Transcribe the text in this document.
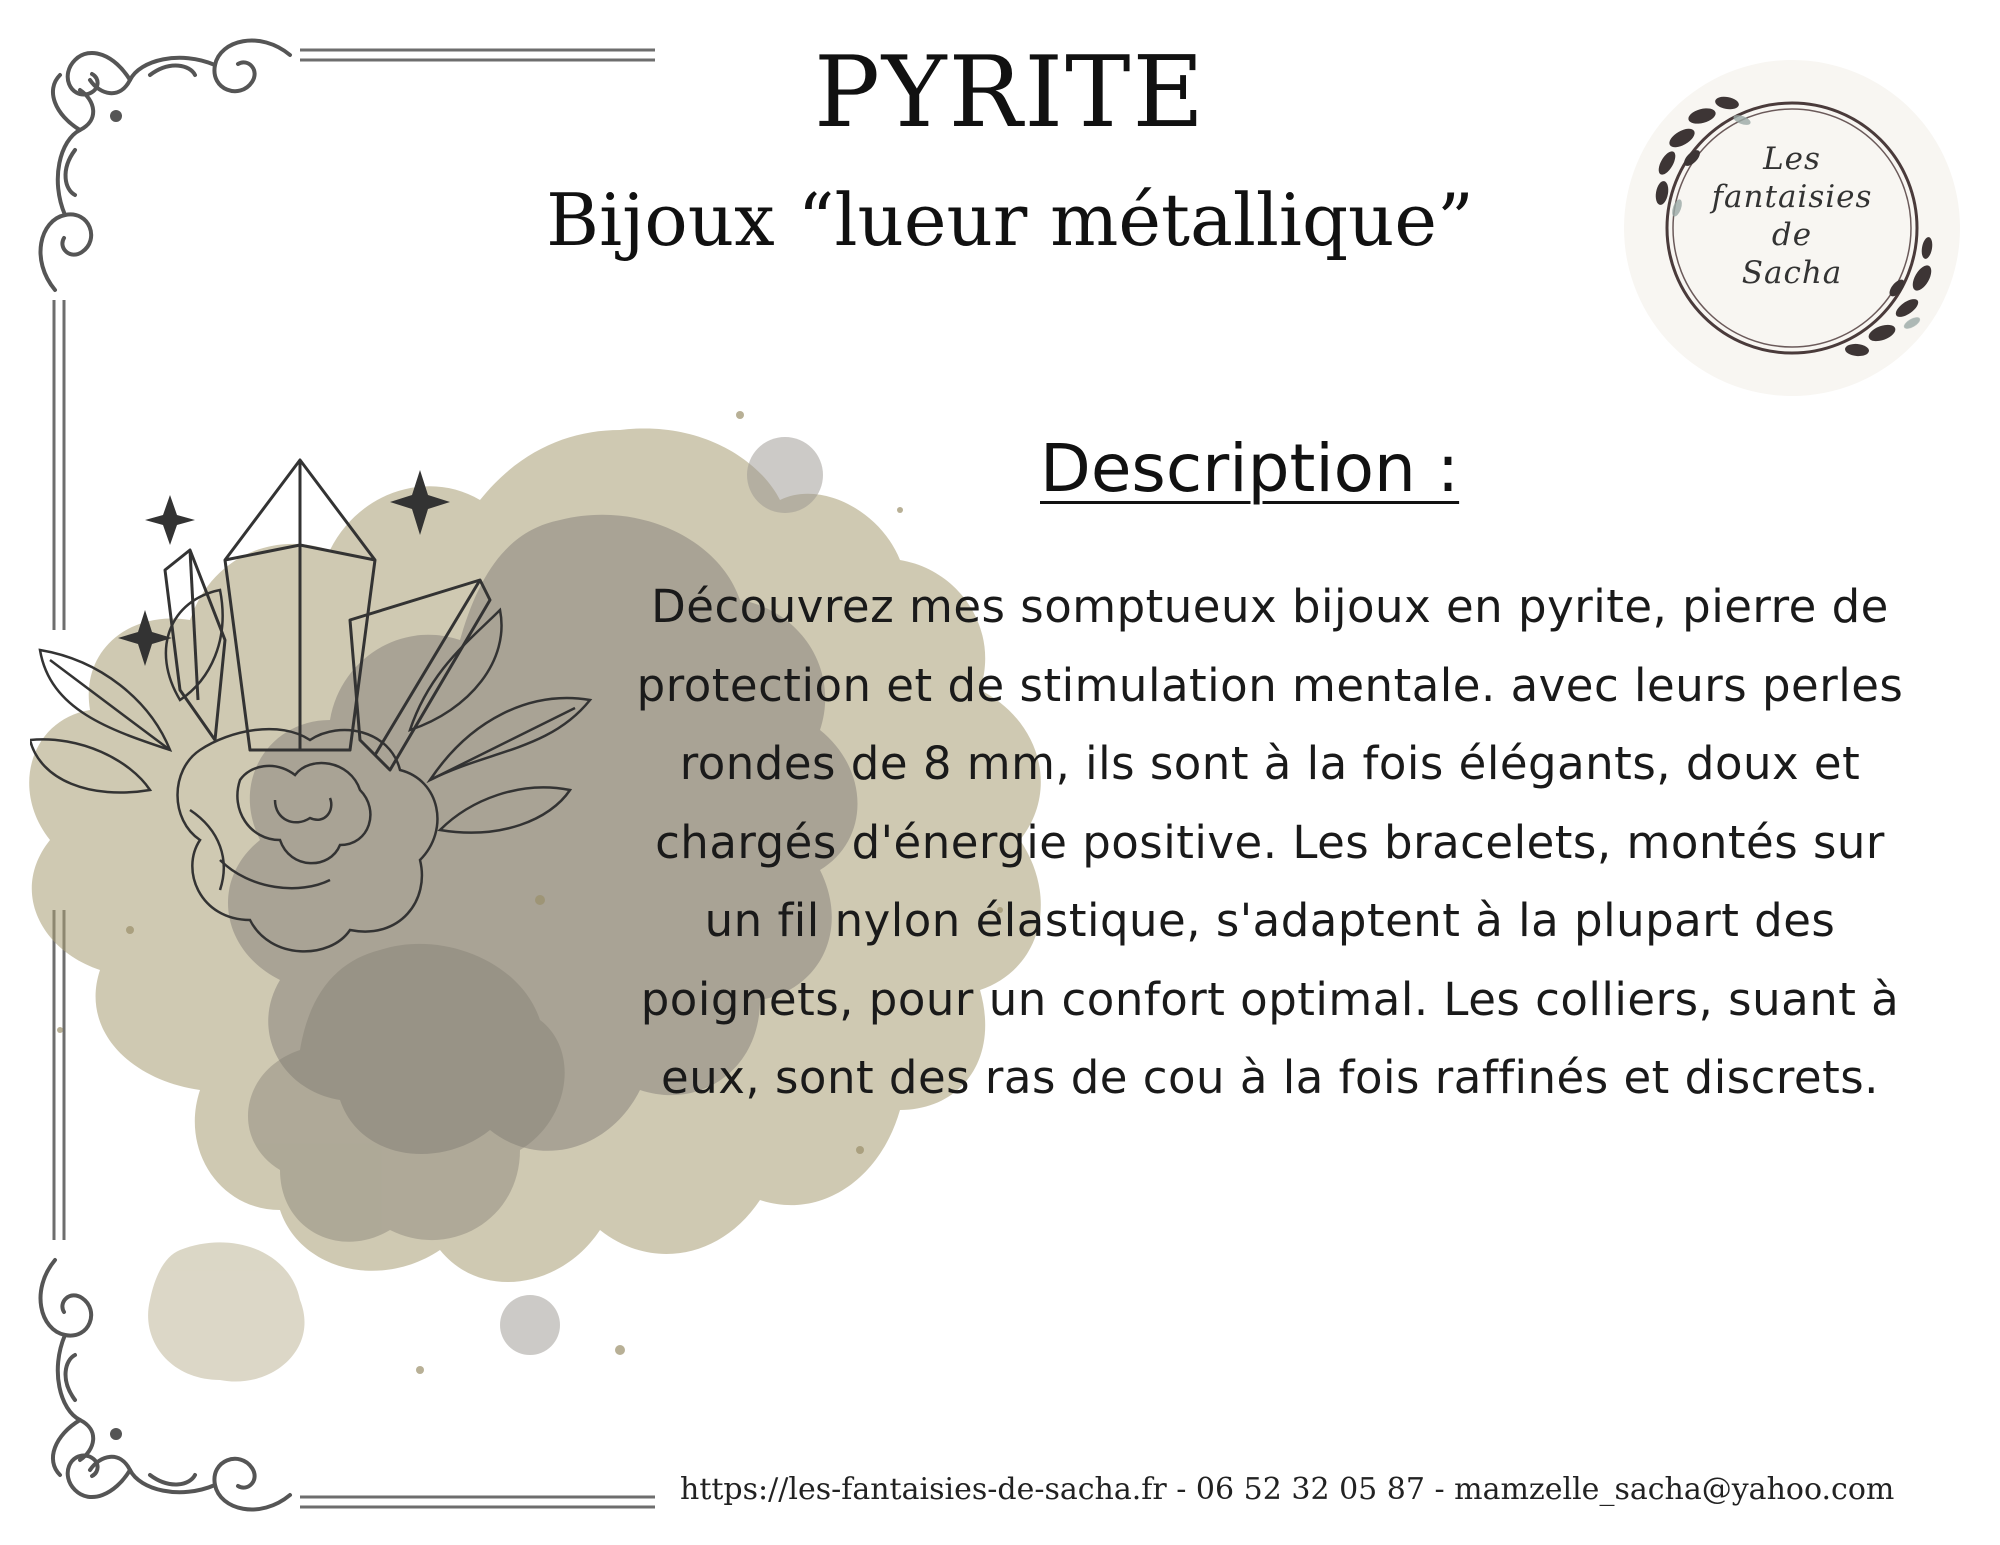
PYRITE
Bijoux “lueur métallique”
Les
fantaisies
de
Sacha
Description :

Découvrez mes somptueux bijoux en pyrite, pierre de protection et de stimulation mentale. avec leurs perles rondes de 8 mm, ils sont à la fois élégants, doux et chargés d'énergie positive. Les bracelets, montés sur un fil nylon élastique, s'adaptent à la plupart des poignets, pour un confort optimal. Les colliers, suant à eux, sont des ras de cou à la fois raffinés et discrets.

https://les-fantaisies-de-sacha.fr - 06 52 32 05 87 - mamzelle_sacha@yahoo.com
